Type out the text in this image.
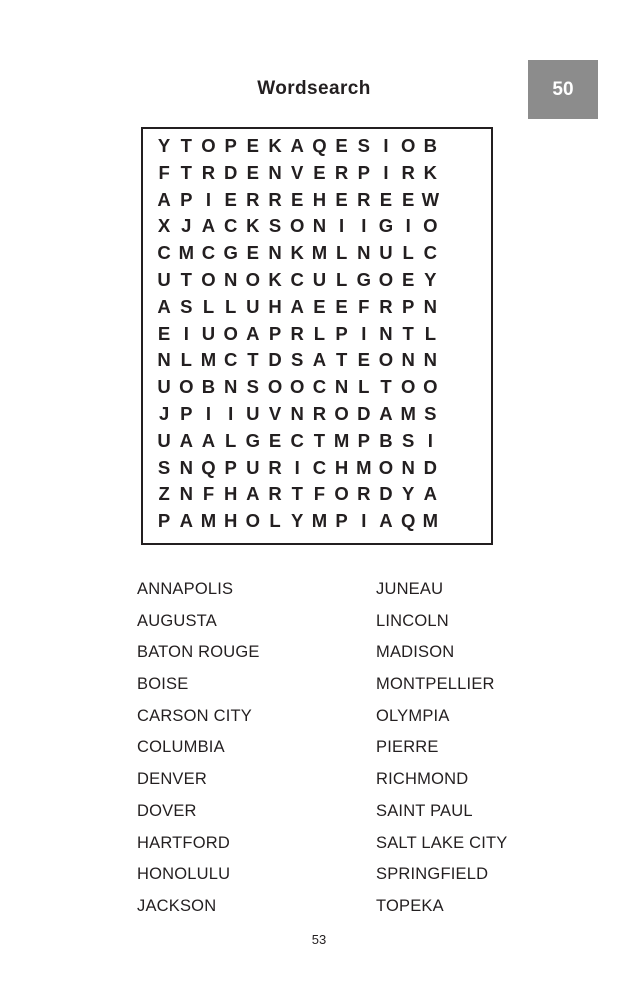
Wordsearch	50
Y T O P E K A Q E S I O B
F T R D E N V E R P I R K
A P I E R R E H E R E E W
X J A C K S O N I I G I O
C M C G E N K M L N U L C
U T O N O K C U L G O E Y
A S L L U H A E E F R P N
E I U O A P R L P I N T L
N L M C T D S A T E O N N
U O B N S O O C N L T O O
J P I I U V N R O D A M S
U A A L G E C T M P B S I
S N Q P U R I C H M O N D
Z N F H A R T F O R D Y A
P A M H O L Y M P I A Q M
ANNAPOLIS
AUGUSTA
BATON ROUGE
BOISE
CARSON CITY
COLUMBIA
DENVER
DOVER
HARTFORD
HONOLULU
JACKSON
JUNEAU
LINCOLN
MADISON
MONTPELLIER
OLYMPIA
PIERRE
RICHMOND
SAINT PAUL
SALT LAKE CITY
SPRINGFIELD
TOPEKA
53
